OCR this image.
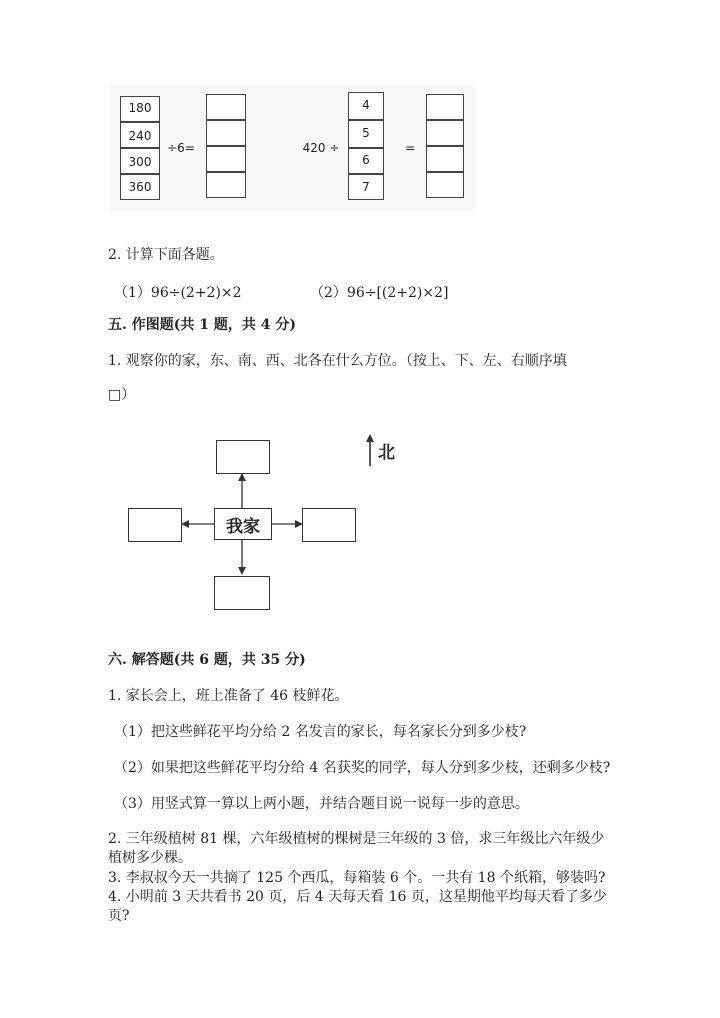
180
240
300
360
÷6=	420 ÷
4
5
6
7
=
2. 计算下面各题。
（1）96÷(2+2)×2	（2）96÷[(2+2)×2]
五. 作图题(共 1 题，共 4 分)
1. 观察你的家，东、南、西、北各在什么方位。（按上、下、左、右顺序填
□）
我家
北
六. 解答题(共 6 题，共 35 分)
1. 家长会上，班上准备了 46 枝鲜花。
（1）把这些鲜花平均分给 2 名发言的家长，每名家长分到多少枝?
（2）如果把这些鲜花平均分给 4 名获奖的同学，每人分到多少枝，还剩多少枝?
（3）用竖式算一算以上两小题，并结合题目说一说每一步的意思。
2. 三年级植树 81 棵，六年级植树的棵树是三年级的 3 倍，求三年级比六年级少
植树多少棵。
3. 李叔叔今天一共摘了 125 个西瓜，每箱装 6 个。一共有 18 个纸箱，够装吗?
4. 小明前 3 天共看书 20 页，后 4 天每天看 16 页，这星期他平均每天看了多少
页?
